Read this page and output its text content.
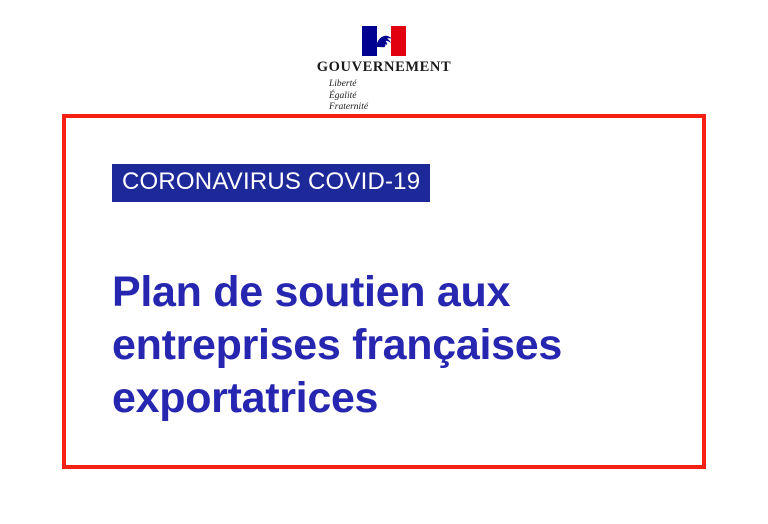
GOUVERNEMENT
Liberté
Égalité
Fraternité
CORONAVIRUS COVID-19
Plan de soutien aux
entreprises françaises
exportatrices
